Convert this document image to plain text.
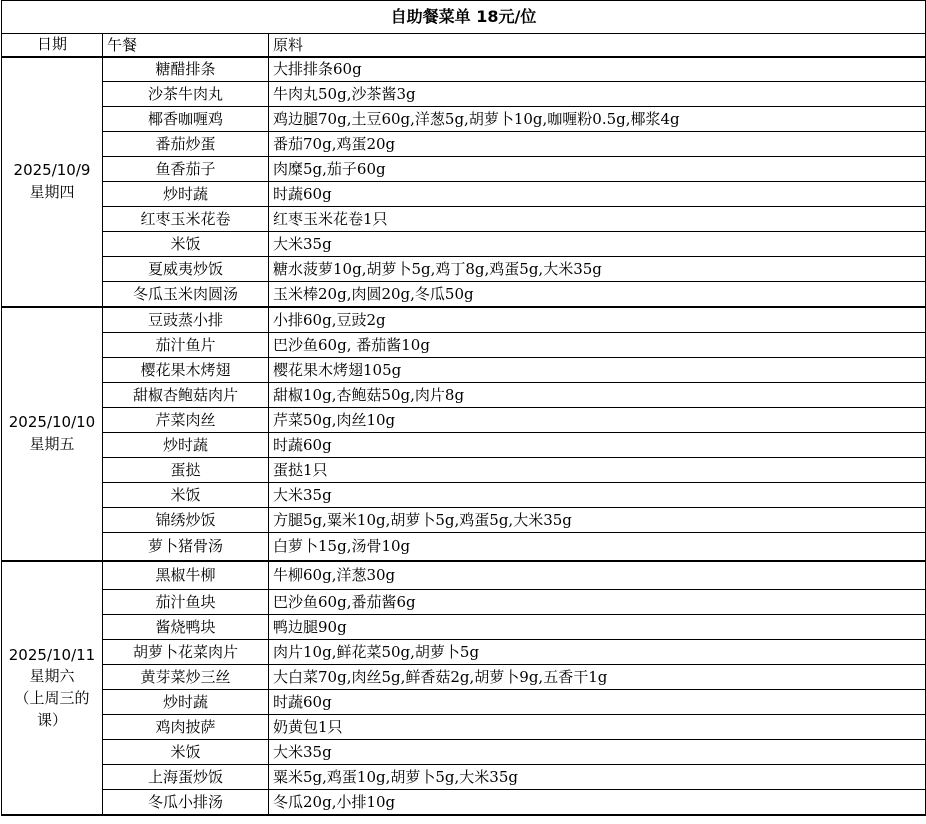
自助餐菜单 18元/位		
日期	午餐	原料

2025/10/9
星期四	糖醋排条	大排排条60g
	沙茶牛肉丸	牛肉丸50g,沙茶酱3g
	椰香咖喱鸡	鸡边腿70g,土豆60g,洋葱5g,胡萝卜10g,咖喱粉0.5g,椰浆4g
	番茄炒蛋	番茄70g,鸡蛋20g
	鱼香茄子	肉糜5g,茄子60g
	炒时蔬	时蔬60g
	红枣玉米花卷	红枣玉米花卷1只
	米饭	大米35g
	夏威夷炒饭	糖水菠萝10g,胡萝卜5g,鸡丁8g,鸡蛋5g,大米35g
	冬瓜玉米肉圆汤	玉米棒20g,肉圆20g,冬瓜50g

2025/10/10
星期五	豆豉蒸小排	小排60g,豆豉2g
	茄汁鱼片	巴沙鱼60g, 番茄酱10g
	樱花果木烤翅	樱花果木烤翅105g
	甜椒杏鲍菇肉片	甜椒10g,杏鲍菇50g,肉片8g
	芹菜肉丝	芹菜50g,肉丝10g
	炒时蔬	时蔬60g
	蛋挞	蛋挞1只
	米饭	大米35g
	锦绣炒饭	方腿5g,粟米10g,胡萝卜5g,鸡蛋5g,大米35g
	萝卜猪骨汤	白萝卜15g,汤骨10g

2025/10/11
星期六
（上周三的课）	黑椒牛柳	牛柳60g,洋葱30g
	茄汁鱼块	巴沙鱼60g,番茄酱6g
	酱烧鸭块	鸭边腿90g
	胡萝卜花菜肉片	肉片10g,鲜花菜50g,胡萝卜5g
	黄芽菜炒三丝	大白菜70g,肉丝5g,鲜香菇2g,胡萝卜9g,五香干1g
	炒时蔬	时蔬60g
	鸡肉披萨	奶黄包1只
	米饭	大米35g
	上海蛋炒饭	粟米5g,鸡蛋10g,胡萝卜5g,大米35g
	冬瓜小排汤	冬瓜20g,小排10g
